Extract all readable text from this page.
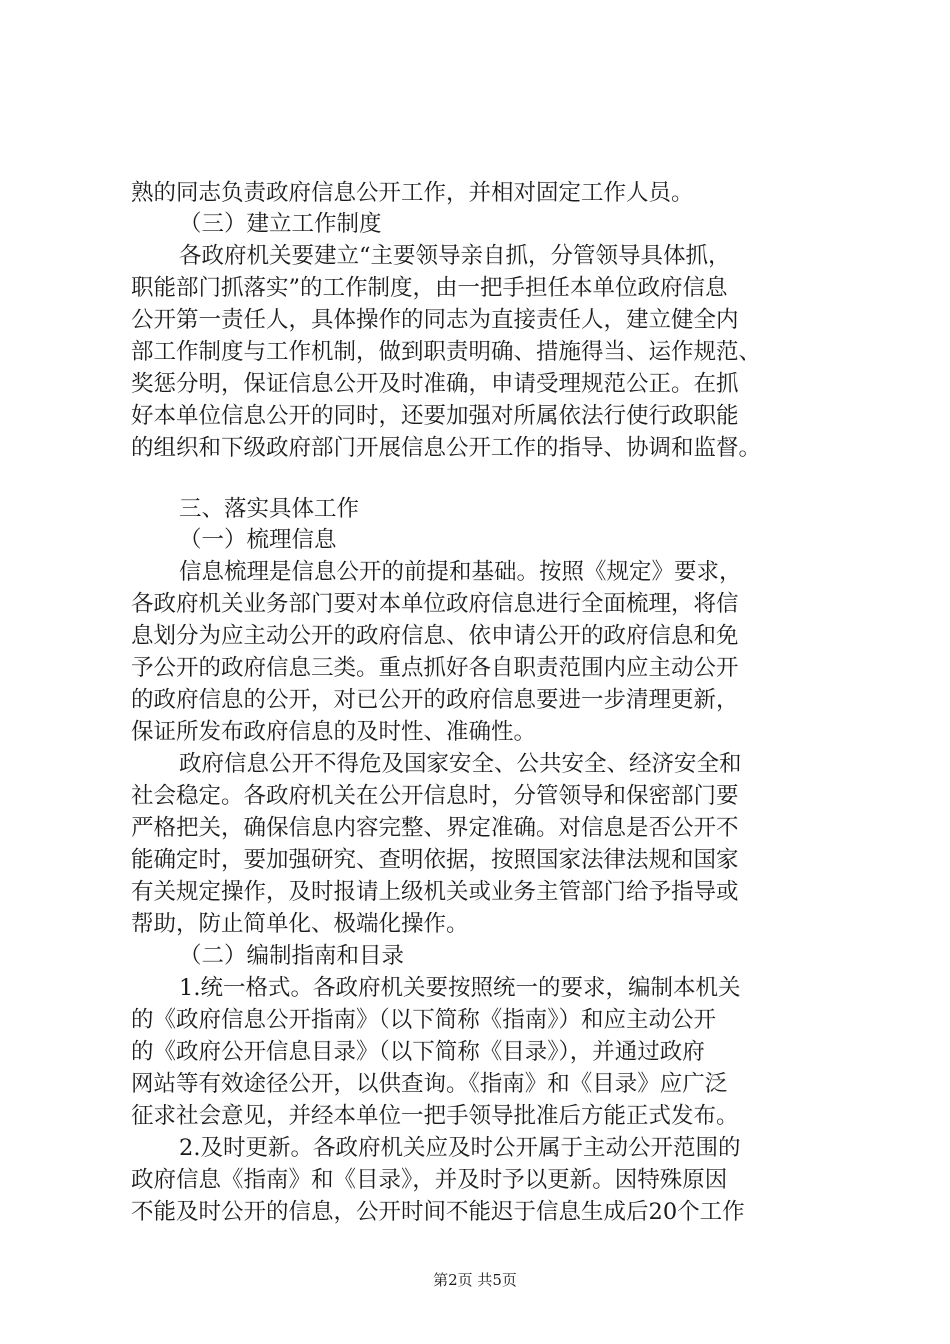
熟的同志负责政府信息公开工作，并相对固定工作人员。
（三）建立工作制度
各政府机关要建立“主要领导亲自抓，分管领导具体抓，
职能部门抓落实”的工作制度，由一把手担任本单位政府信息
公开第一责任人，具体操作的同志为直接责任人，建立健全内
部工作制度与工作机制，做到职责明确、措施得当、运作规范、
奖惩分明，保证信息公开及时准确，申请受理规范公正。在抓
好本单位信息公开的同时，还要加强对所属依法行使行政职能
的组织和下级政府部门开展信息公开工作的指导、协调和监督。
三、落实具体工作
（一）梳理信息
信息梳理是信息公开的前提和基础。按照《规定》要求，
各政府机关业务部门要对本单位政府信息进行全面梳理，将信
息划分为应主动公开的政府信息、依申请公开的政府信息和免
予公开的政府信息三类。重点抓好各自职责范围内应主动公开
的政府信息的公开，对已公开的政府信息要进一步清理更新，
保证所发布政府信息的及时性、准确性。
政府信息公开不得危及国家安全、公共安全、经济安全和
社会稳定。各政府机关在公开信息时，分管领导和保密部门要
严格把关，确保信息内容完整、界定准确。对信息是否公开不
能确定时，要加强研究、查明依据，按照国家法律法规和国家
有关规定操作，及时报请上级机关或业务主管部门给予指导或
帮助，防止简单化、极端化操作。
（二）编制指南和目录
1.统一格式。各政府机关要按照统一的要求，编制本机关
的《政府信息公开指南》（以下简称《指南》）和应主动公开
的《政府公开信息目录》（以下简称《目录》），并通过政府
网站等有效途径公开，以供查询。《指南》和《目录》应广泛
征求社会意见，并经本单位一把手领导批准后方能正式发布。
2.及时更新。各政府机关应及时公开属于主动公开范围的
政府信息《指南》和《目录》，并及时予以更新。因特殊原因
不能及时公开的信息，公开时间不能迟于信息生成后20个工作
第2页 共5页
